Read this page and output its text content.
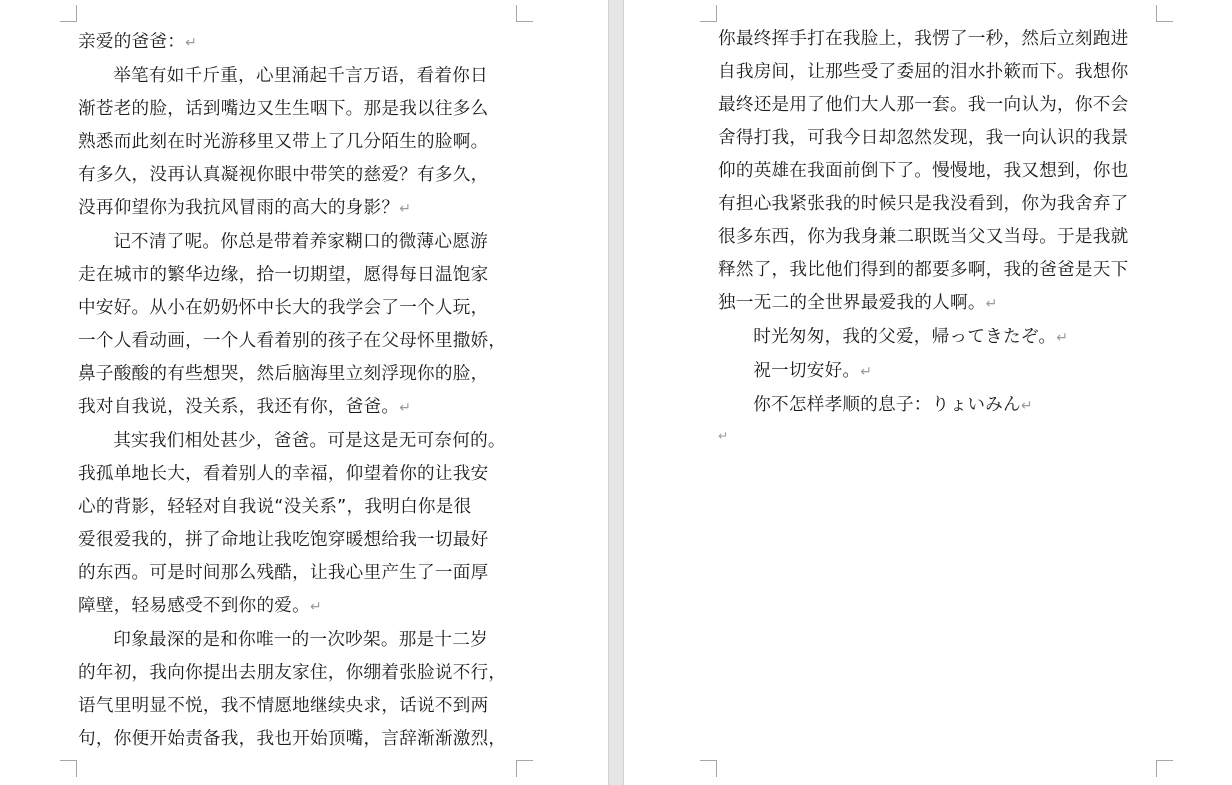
亲爱的爸爸：↵

举笔有如千斤重，心里涌起千言万语，看着你日
渐苍老的脸，话到嘴边又生生咽下。那是我以往多么
熟悉而此刻在时光游移里又带上了几分陌生的脸啊。
有多久，没再认真凝视你眼中带笑的慈爱？有多久，
没再仰望你为我抗风冒雨的高大的身影？↵
记不清了呢。你总是带着养家糊口的微薄心愿游
走在城市的繁华边缘，拾一切期望，愿得每日温饱家
中安好。从小在奶奶怀中长大的我学会了一个人玩，
一个人看动画，一个人看着别的孩子在父母怀里撒娇，
鼻子酸酸的有些想哭，然后脑海里立刻浮现你的脸，
我对自我说，没关系，我还有你，爸爸。↵
其实我们相处甚少，爸爸。可是这是无可奈何的。
我孤单地长大，看着别人的幸福，仰望着你的让我安
心的背影，轻轻对自我说“没关系”，我明白你是很
爱很爱我的，拼了命地让我吃饱穿暖想给我一切最好
的东西。可是时间那么残酷，让我心里产生了一面厚
障壁，轻易感受不到你的爱。↵
印象最深的是和你唯一的一次吵架。那是十二岁
的年初，我向你提出去朋友家住，你绷着张脸说不行，
语气里明显不悦，我不情愿地继续央求，话说不到两
句，你便开始责备我，我也开始顶嘴，言辞渐渐激烈，
你最终挥手打在我脸上，我愣了一秒，然后立刻跑进
自我房间，让那些受了委屈的泪水扑簌而下。我想你
最终还是用了他们大人那一套。我一向认为，你不会
舍得打我，可我今日却忽然发现，我一向认识的我景
仰的英雄在我面前倒下了。慢慢地，我又想到，你也
有担心我紧张我的时候只是我没看到，你为我舍弃了
很多东西，你为我身兼二职既当父又当母。于是我就
释然了，我比他们得到的都要多啊，我的爸爸是天下
独一无二的全世界最爱我的人啊。↵
时光匆匆，我的父爱，帰ってきたぞ。↵
祝一切安好。↵
你不怎样孝顺的息子：りょいみん↵
↵
